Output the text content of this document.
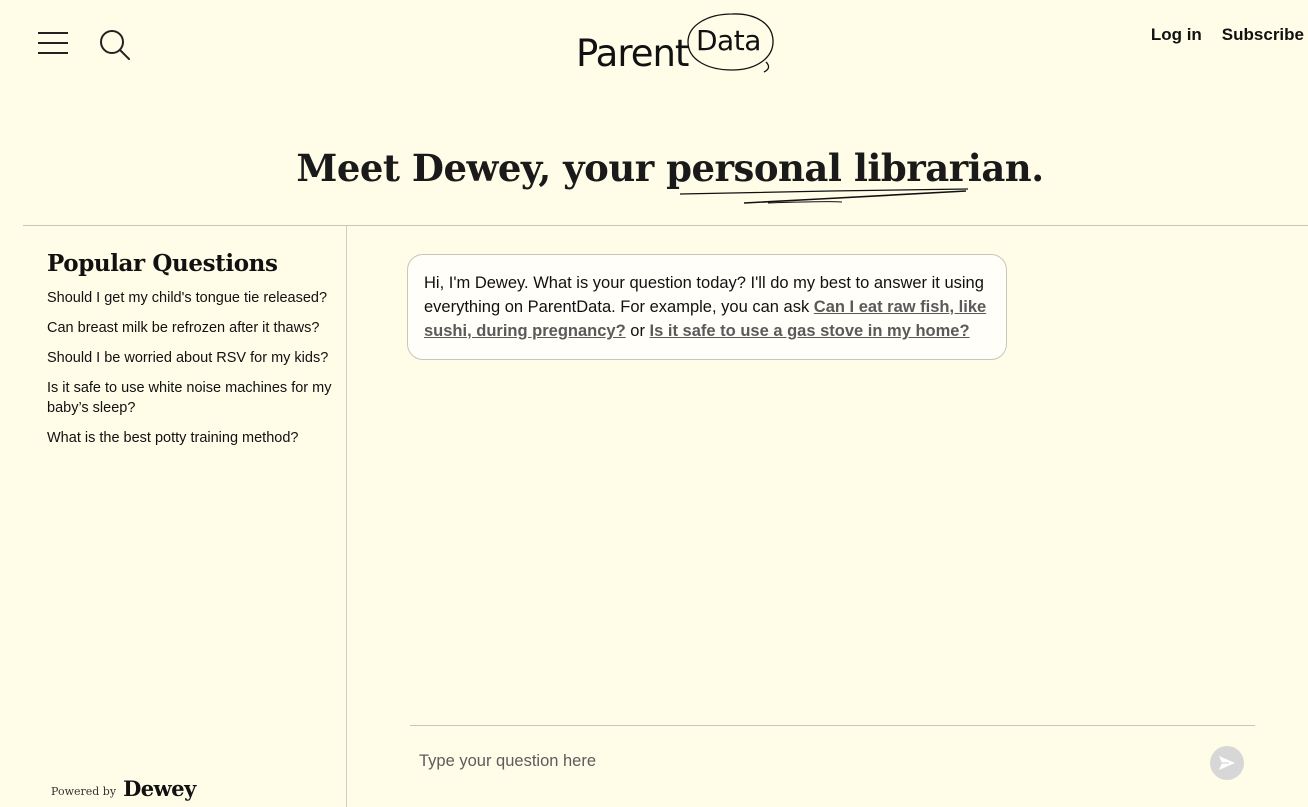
Parent Data	Log in Subscribe
Meet Dewey, your personal librarian.
Popular Questions
Should I get my child's tongue tie released?
Can breast milk be refrozen after it thaws?
Should I be worried about RSV for my kids?
Is it safe to use white noise machines for my baby’s sleep?
What is the best potty training method?
Powered by Dewey
Hi, I'm Dewey. What is your question today? I'll do my best to answer it using everything on ParentData. For example, you can ask Can I eat raw fish, like sushi, during pregnancy? or Is it safe to use a gas stove in my home?
Type your question here
